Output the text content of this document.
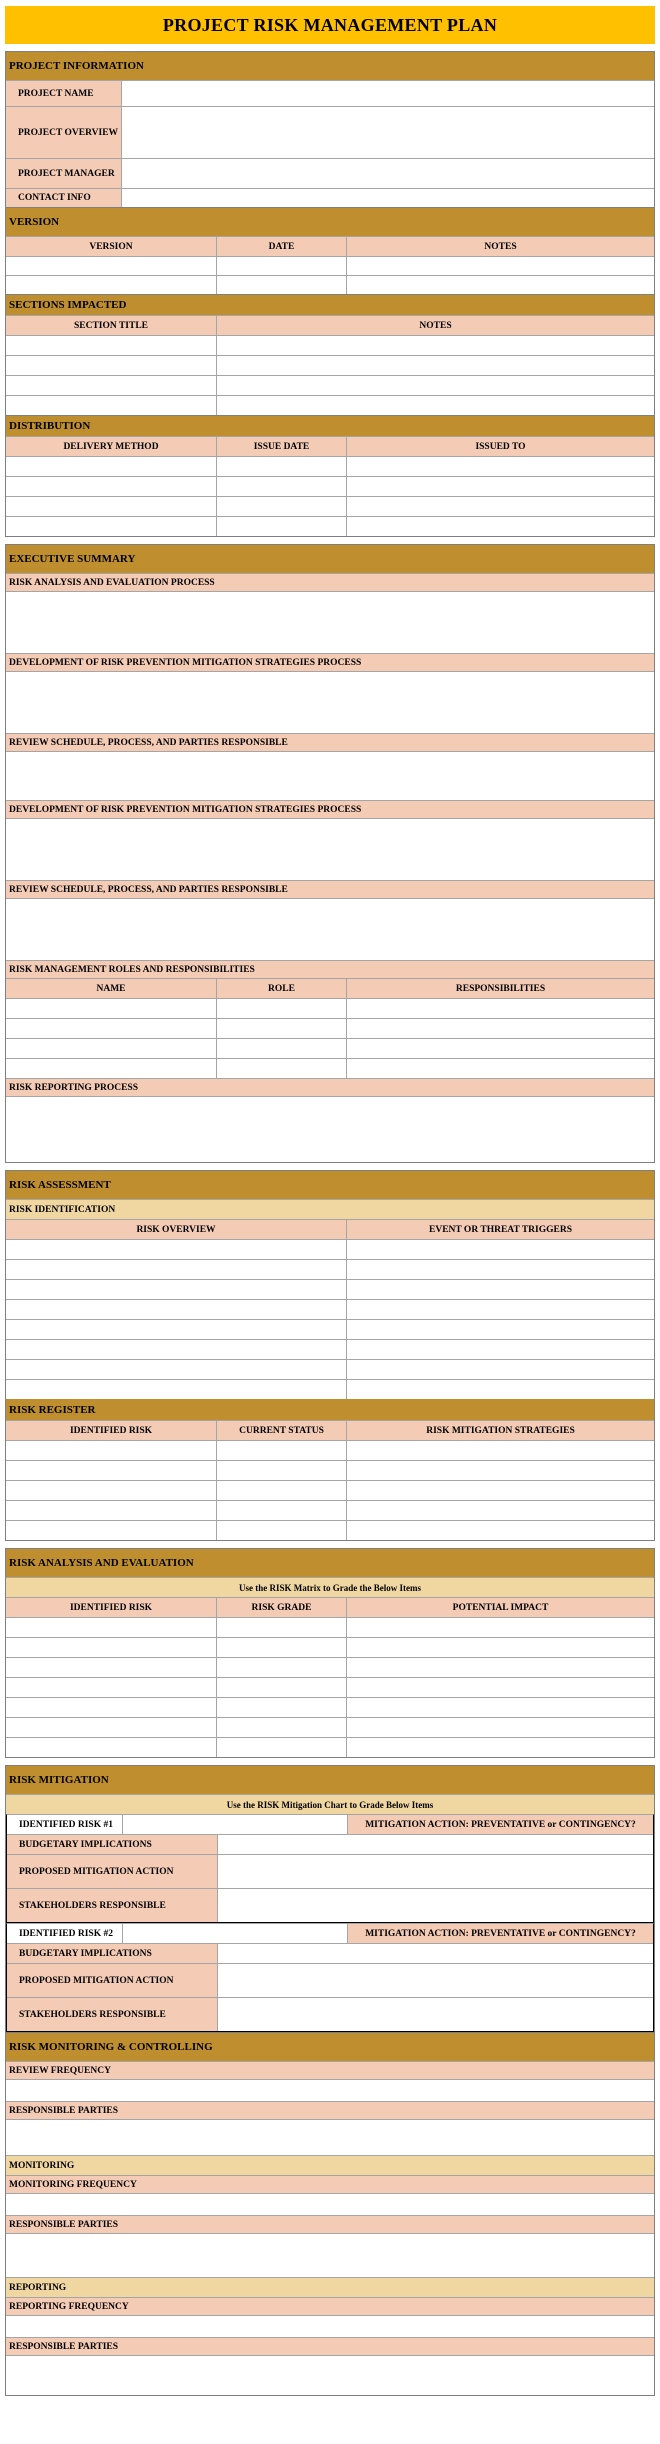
PROJECT RISK MANAGEMENT PLAN
PROJECT INFORMATION
PROJECT NAME
PROJECT OVERVIEW
PROJECT MANAGER
CONTACT INFO
VERSION
VERSION	DATE	NOTES
SECTIONS IMPACTED
SECTION TITLE	NOTES
DISTRIBUTION
DELIVERY METHOD	ISSUE DATE	ISSUED TO
EXECUTIVE SUMMARY
RISK ANALYSIS AND EVALUATION PROCESS
DEVELOPMENT OF RISK PREVENTION MITIGATION STRATEGIES PROCESS
REVIEW SCHEDULE, PROCESS, AND PARTIES RESPONSIBLE
DEVELOPMENT OF RISK PREVENTION MITIGATION STRATEGIES PROCESS
REVIEW SCHEDULE, PROCESS, AND PARTIES RESPONSIBLE
RISK MANAGEMENT ROLES AND RESPONSIBILITIES
NAME	ROLE	RESPONSIBILITIES
RISK REPORTING PROCESS
RISK ASSESSMENT
RISK IDENTIFICATION
RISK OVERVIEW	EVENT OR THREAT TRIGGERS
RISK REGISTER
IDENTIFIED RISK	CURRENT STATUS	RISK MITIGATION STRATEGIES
RISK ANALYSIS AND EVALUATION
Use the RISK Matrix to Grade the Below Items
IDENTIFIED RISK	RISK GRADE	POTENTIAL IMPACT
RISK MITIGATION
Use the RISK Mitigation Chart to Grade Below Items
IDENTIFIED RISK #1	MITIGATION ACTION: PREVENTATIVE or CONTINGENCY?
BUDGETARY IMPLICATIONS
PROPOSED MITIGATION ACTION
STAKEHOLDERS RESPONSIBLE
IDENTIFIED RISK #2	MITIGATION ACTION: PREVENTATIVE or CONTINGENCY?
BUDGETARY IMPLICATIONS
PROPOSED MITIGATION ACTION
STAKEHOLDERS RESPONSIBLE
RISK MONITORING & CONTROLLING
REVIEW FREQUENCY
RESPONSIBLE PARTIES
MONITORING
MONITORING FREQUENCY
RESPONSIBLE PARTIES
REPORTING
REPORTING FREQUENCY
RESPONSIBLE PARTIES
